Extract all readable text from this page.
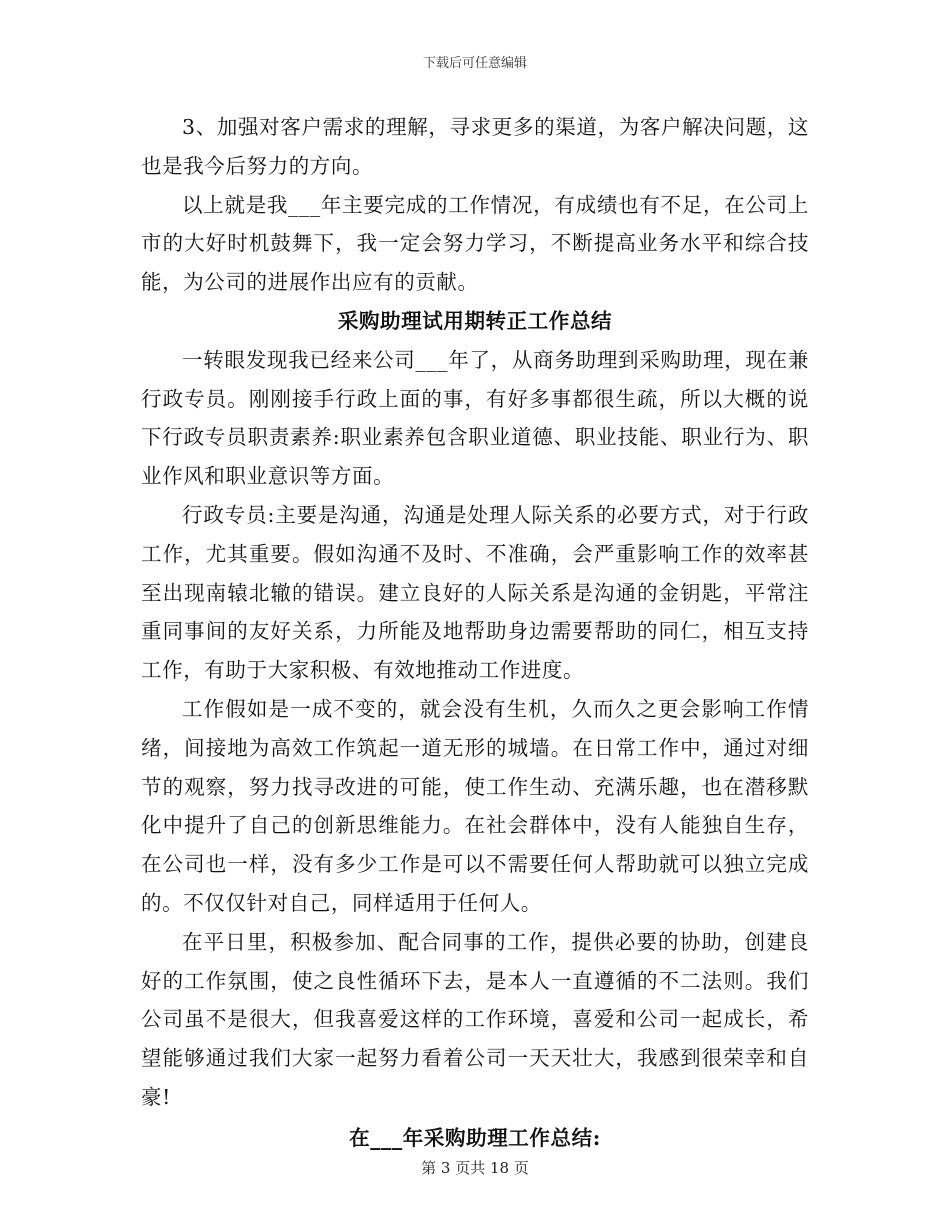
下载后可任意编辑

3、加强对客户需求的理解，寻求更多的渠道，为客户解决问题，这也是我今后努力的方向。

以上就是我___年主要完成的工作情况，有成绩也有不足，在公司上市的大好时机鼓舞下，我一定会努力学习，不断提高业务水平和综合技能，为公司的进展作出应有的贡献。

采购助理试用期转正工作总结

一转眼发现我已经来公司___年了，从商务助理到采购助理，现在兼行政专员。刚刚接手行政上面的事，有好多事都很生疏，所以大概的说下行政专员职责素养:职业素养包含职业道德、职业技能、职业行为、职业作风和职业意识等方面。

行政专员:主要是沟通，沟通是处理人际关系的必要方式，对于行政工作，尤其重要。假如沟通不及时、不准确，会严重影响工作的效率甚至出现南辕北辙的错误。建立良好的人际关系是沟通的金钥匙，平常注重同事间的友好关系，力所能及地帮助身边需要帮助的同仁，相互支持工作，有助于大家积极、有效地推动工作进度。

工作假如是一成不变的，就会没有生机，久而久之更会影响工作情绪，间接地为高效工作筑起一道无形的城墙。在日常工作中，通过对细节的观察，努力找寻改进的可能，使工作生动、充满乐趣，也在潜移默化中提升了自己的创新思维能力。在社会群体中，没有人能独自生存，在公司也一样，没有多少工作是可以不需要任何人帮助就可以独立完成的。不仅仅针对自己，同样适用于任何人。

在平日里，积极参加、配合同事的工作，提供必要的协助，创建良好的工作氛围，使之良性循环下去，是本人一直遵循的不二法则。我们公司虽不是很大，但我喜爱这样的工作环境，喜爱和公司一起成长，希望能够通过我们大家一起努力看着公司一天天壮大，我感到很荣幸和自豪!

在___年采购助理工作总结:
第 3 页共 18 页
